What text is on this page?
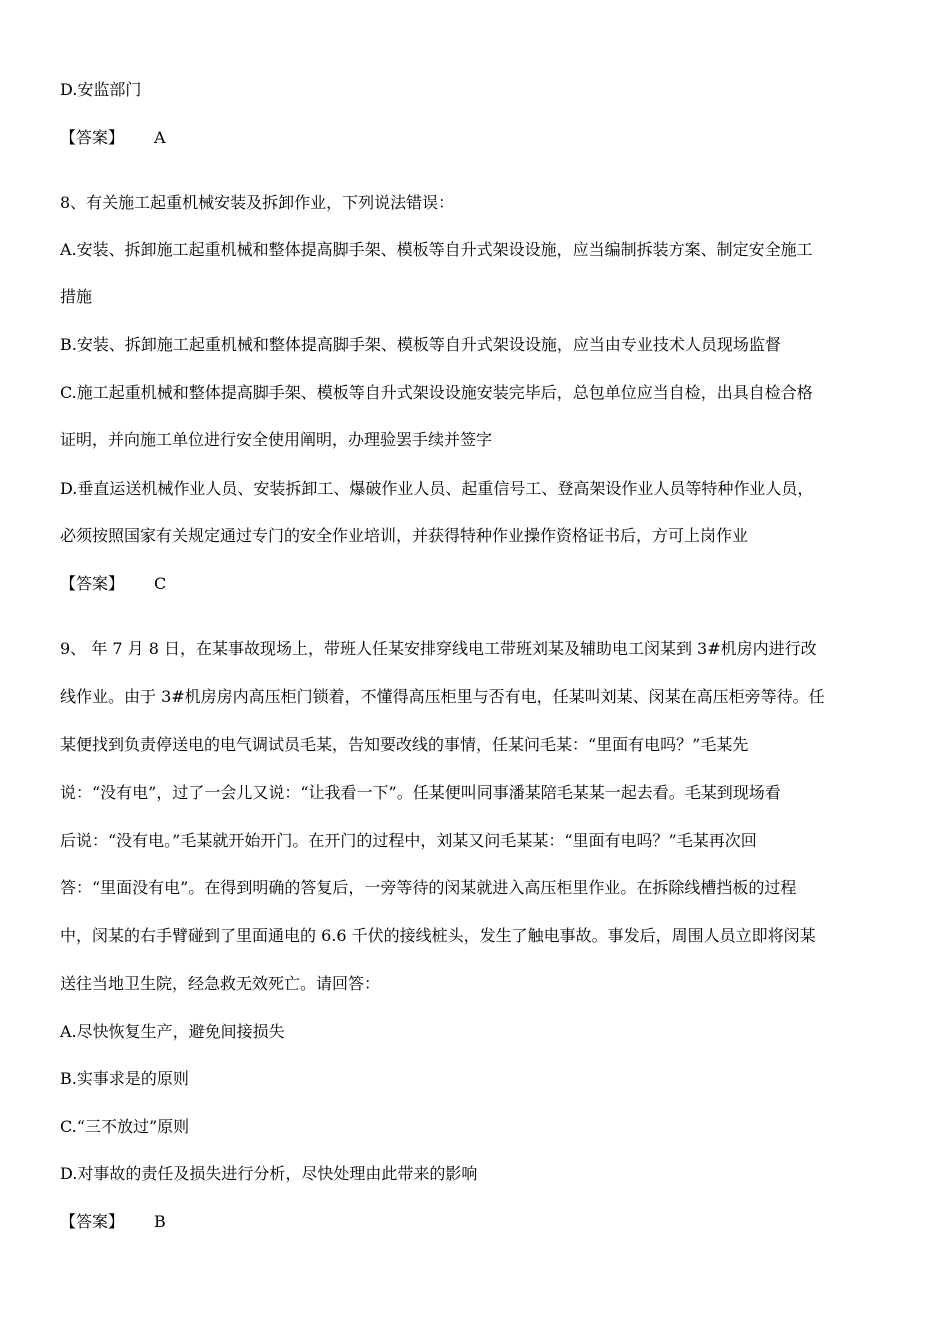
D.安监部门
【答案】 A
8、有关施工起重机械安装及拆卸作业，下列说法错误：
A.安装、拆卸施工起重机械和整体提高脚手架、模板等自升式架设设施，应当编制拆装方案、制定安全施工
措施
B.安装、拆卸施工起重机械和整体提高脚手架、模板等自升式架设设施，应当由专业技术人员现场监督
C.施工起重机械和整体提高脚手架、模板等自升式架设设施安装完毕后，总包单位应当自检，出具自检合格
证明，并向施工单位进行安全使用阐明，办理验罢手续并签字
D.垂直运送机械作业人员、安装拆卸工、爆破作业人员、起重信号工、登高架设作业人员等特种作业人员，
必须按照国家有关规定通过专门的安全作业培训，并获得特种作业操作资格证书后，方可上岗作业
【答案】 C
9、 年 7 月 8 日，在某事故现场上，带班人任某安排穿线电工带班刘某及辅助电工闵某到 3#机房内进行改
线作业。由于 3#机房房内高压柜门锁着，不懂得高压柜里与否有电，任某叫刘某、闵某在高压柜旁等待。任
某便找到负责停送电的电气调试员毛某，告知要改线的事情，任某问毛某：“里面有电吗？”毛某先
说：“没有电”，过了一会儿又说：“让我看一下”。任某便叫同事潘某陪毛某某一起去看。毛某到现场看
后说：“没有电。”毛某就开始开门。在开门的过程中，刘某又问毛某某：“里面有电吗？”毛某再次回
答：“里面没有电”。在得到明确的答复后，一旁等待的闵某就进入高压柜里作业。在拆除线槽挡板的过程
中，闵某的右手臂碰到了里面通电的 6.6 千伏的接线桩头，发生了触电事故。事发后，周围人员立即将闵某
送往当地卫生院，经急救无效死亡。请回答：
A.尽快恢复生产，避免间接损失
B.实事求是的原则
C.“三不放过”原则
D.对事故的责任及损失进行分析，尽快处理由此带来的影响
【答案】 B
